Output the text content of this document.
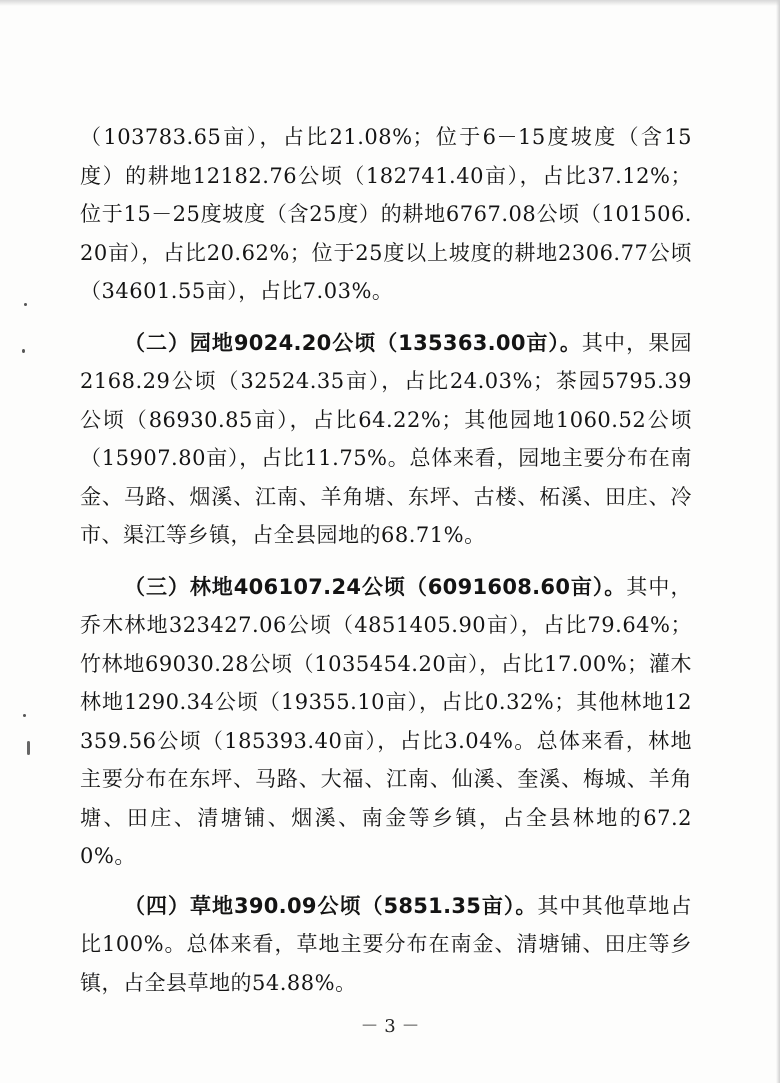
（103783.65亩），占比21.08%；位于6－15度坡度（含15度）的耕地12182.76公顷（182741.40亩），占比37.12%；位于15－25度坡度（含25度）的耕地6767.08公顷（101506.20亩），占比20.62%；位于25度以上坡度的耕地2306.77公顷（34601.55亩），占比7.03%。

（二）园地9024.20公顷（135363.00亩）。其中，果园2168.29公顷（32524.35亩），占比24.03%；茶园5795.39公顷（86930.85亩），占比64.22%；其他园地1060.52公顷（15907.80亩），占比11.75%。总体来看，园地主要分布在南金、马路、烟溪、江南、羊角塘、东坪、古楼、柘溪、田庄、冷市、渠江等乡镇，占全县园地的68.71%。

（三）林地406107.24公顷（6091608.60亩）。其中，乔木林地323427.06公顷（4851405.90亩），占比79.64%；竹林地69030.28公顷（1035454.20亩），占比17.00%；灌木林地1290.34公顷（19355.10亩），占比0.32%；其他林地12359.56公顷（185393.40亩），占比3.04%。总体来看，林地主要分布在东坪、马路、大福、江南、仙溪、奎溪、梅城、羊角塘、田庄、清塘铺、烟溪、南金等乡镇，占全县林地的67.20%。

（四）草地390.09公顷（5851.35亩）。其中其他草地占比100%。总体来看，草地主要分布在南金、清塘铺、田庄等乡镇，占全县草地的54.88%。

－ 3 －
